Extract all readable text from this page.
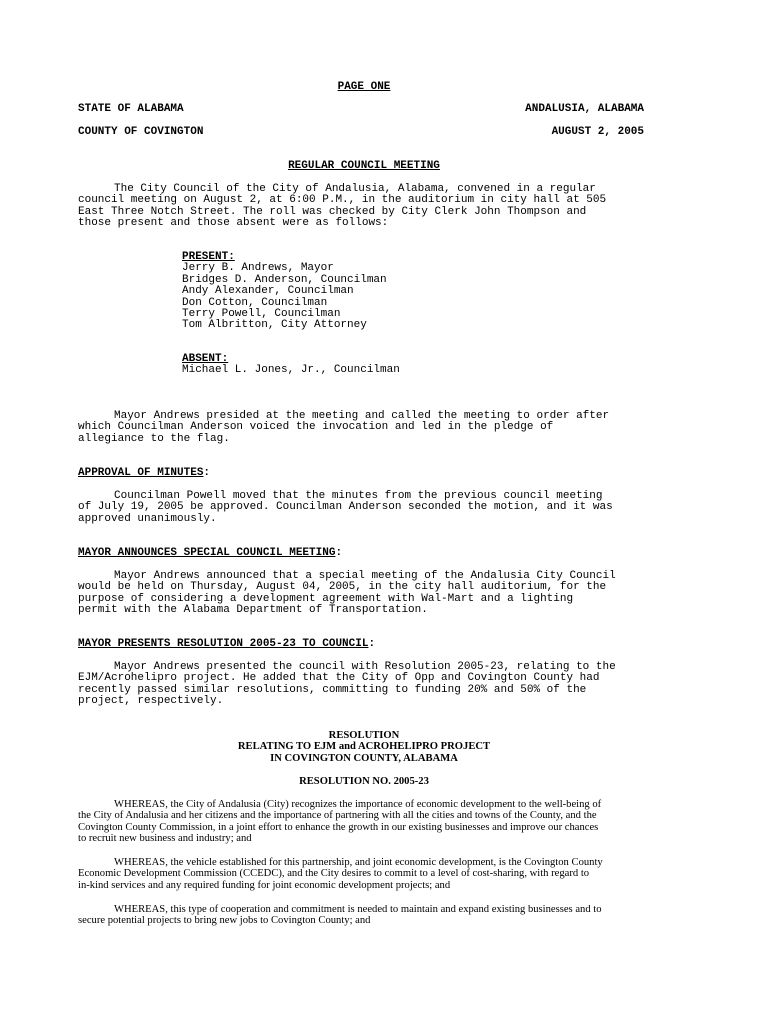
PAGE ONE
STATE OF ALABAMA	ANDALUSIA, ALABAMA
COUNTY OF COVINGTON	AUGUST 2, 2005
REGULAR COUNCIL MEETING
The City Council of the City of Andalusia, Alabama, convened in a regular
council meeting on August 2, at 6:00 P.M., in the auditorium in city hall at 505
East Three Notch Street. The roll was checked by City Clerk John Thompson and
those present and those absent were as follows:
PRESENT:
Jerry B. Andrews, Mayor
Bridges D. Anderson, Councilman
Andy Alexander, Councilman
Don Cotton, Councilman
Terry Powell, Councilman
Tom Albritton, City Attorney
ABSENT:
Michael L. Jones, Jr., Councilman
Mayor Andrews presided at the meeting and called the meeting to order after
which Councilman Anderson voiced the invocation and led in the pledge of
allegiance to the flag.
APPROVAL OF MINUTES:
Councilman Powell moved that the minutes from the previous council meeting
of July 19, 2005 be approved. Councilman Anderson seconded the motion, and it was
approved unanimously.
MAYOR ANNOUNCES SPECIAL COUNCIL MEETING:
Mayor Andrews announced that a special meeting of the Andalusia City Council
would be held on Thursday, August 04, 2005, in the city hall auditorium, for the
purpose of considering a development agreement with Wal-Mart and a lighting
permit with the Alabama Department of Transportation.
MAYOR PRESENTS RESOLUTION 2005-23 TO COUNCIL:
Mayor Andrews presented the council with Resolution 2005-23, relating to the
EJM/Acrohelipro project. He added that the City of Opp and Covington County had
recently passed similar resolutions, committing to funding 20% and 50% of the
project, respectively.
RESOLUTION
RELATING TO EJM and ACROHELIPRO PROJECT
IN COVINGTON COUNTY, ALABAMA
RESOLUTION NO. 2005-23
WHEREAS, the City of Andalusia (City) recognizes the importance of economic development to the well-being of
the City of Andalusia and her citizens and the importance of partnering with all the cities and towns of the County, and the
Covington County Commission, in a joint effort to enhance the growth in our existing businesses and improve our chances
to recruit new business and industry; and
WHEREAS, the vehicle established for this partnership, and joint economic development, is the Covington County
Economic Development Commission (CCEDC), and the City desires to commit to a level of cost-sharing, with regard to
in-kind services and any required funding for joint economic development projects; and
WHEREAS, this type of cooperation and commitment is needed to maintain and expand existing businesses and to
secure potential projects to bring new jobs to Covington County; and
